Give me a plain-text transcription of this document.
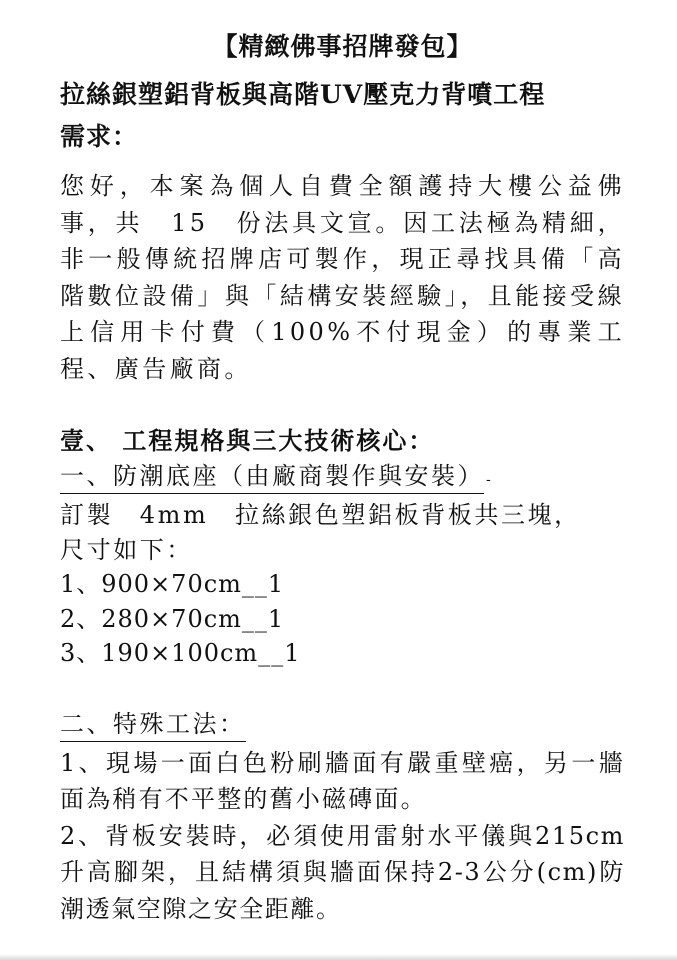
【精緻佛事招牌發包】
拉絲銀塑鋁背板與高階UV壓克力背噴工程
需求：
您好，本案為個人自費全額護持大樓公益佛事，共　15　份法具文宣。因工法極為精細，非一般傳統招牌店可製作，現正尋找具備「高階數位設備」與「結構安裝經驗」，且能接受線上信用卡付費（100%不付現金）的專業工程、廣告廠商。
壹、 工程規格與三大技術核心：
一、防潮底座（由廠商製作與安裝） -
訂製　4mm　拉絲銀色塑鋁板背板共三塊，
尺寸如下：
1、900×70cm__1
2、280×70cm__1
3、190×100cm__1
二、特殊工法：
1、現場一面白色粉刷牆面有嚴重壁癌，另一牆面為稍有不平整的舊小磁磚面。
2、背板安裝時，必須使用雷射水平儀與215cm升高腳架，且結構須與牆面保持2-3公分(cm)防潮透氣空隙之安全距離。
